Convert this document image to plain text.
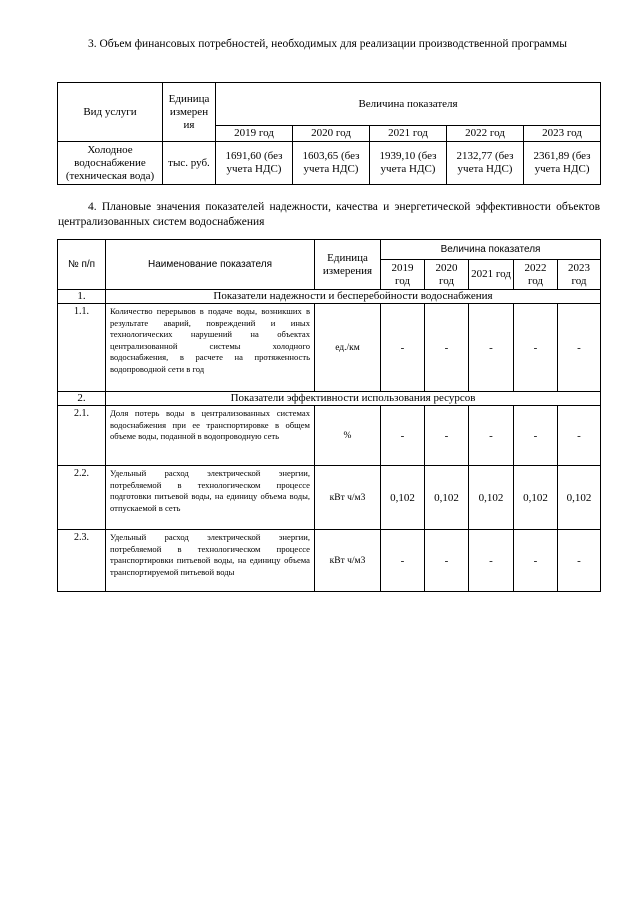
3. Объем финансовых потребностей, необходимых для реализации производственной программы
Вид услуги	Единица измерен ия	Величина показателя				
		2019 год	2020 год	2021 год	2022 год	2023 год
Холодное водоснабжение (техническая вода)	тыс. руб.	1691,60 (без учета НДС)	1603,65 (без учета НДС)	1939,10 (без учета НДС)	2132,77 (без учета НДС)	2361,89 (без учета НДС)
4. Плановые значения показателей надежности, качества и энергетической эффективности объектов централизованных систем водоснабжения
№ п/п	Наименование показателя	Единица измерения	Величина показателя				
			2019 год	2020 год	2021 год	2022 год	2023 год
1.	Показатели надежности и бесперебойности водоснабжения						
1.1.	Количество перерывов в подаче воды, возникших в результате аварий, повреждений и иных технологических нарушений на объектах централизованной системы холодного водоснабжения, в расчете на протяженность водопроводной сети в год	ед./км	-	-	-	-	-
2.	Показатели эффективности использования ресурсов						
2.1.	Доля потерь воды в централизованных системах водоснабжения при ее транспортировке в общем объеме воды, поданной в водопроводную сеть	%	-	-	-	-	-
2.2.	Удельный расход электрической энергии, потребляемой в технологическом процессе подготовки питьевой воды, на единицу объема воды, отпускаемой в сеть	кВт ч/м3	0,102	0,102	0,102	0,102	0,102
2.3.	Удельный расход электрической энергии, потребляемой в технологическом процессе транспортировки питьевой воды, на единицу объема транспортируемой питьевой воды	кВт ч/м3	-	-	-	-	-
